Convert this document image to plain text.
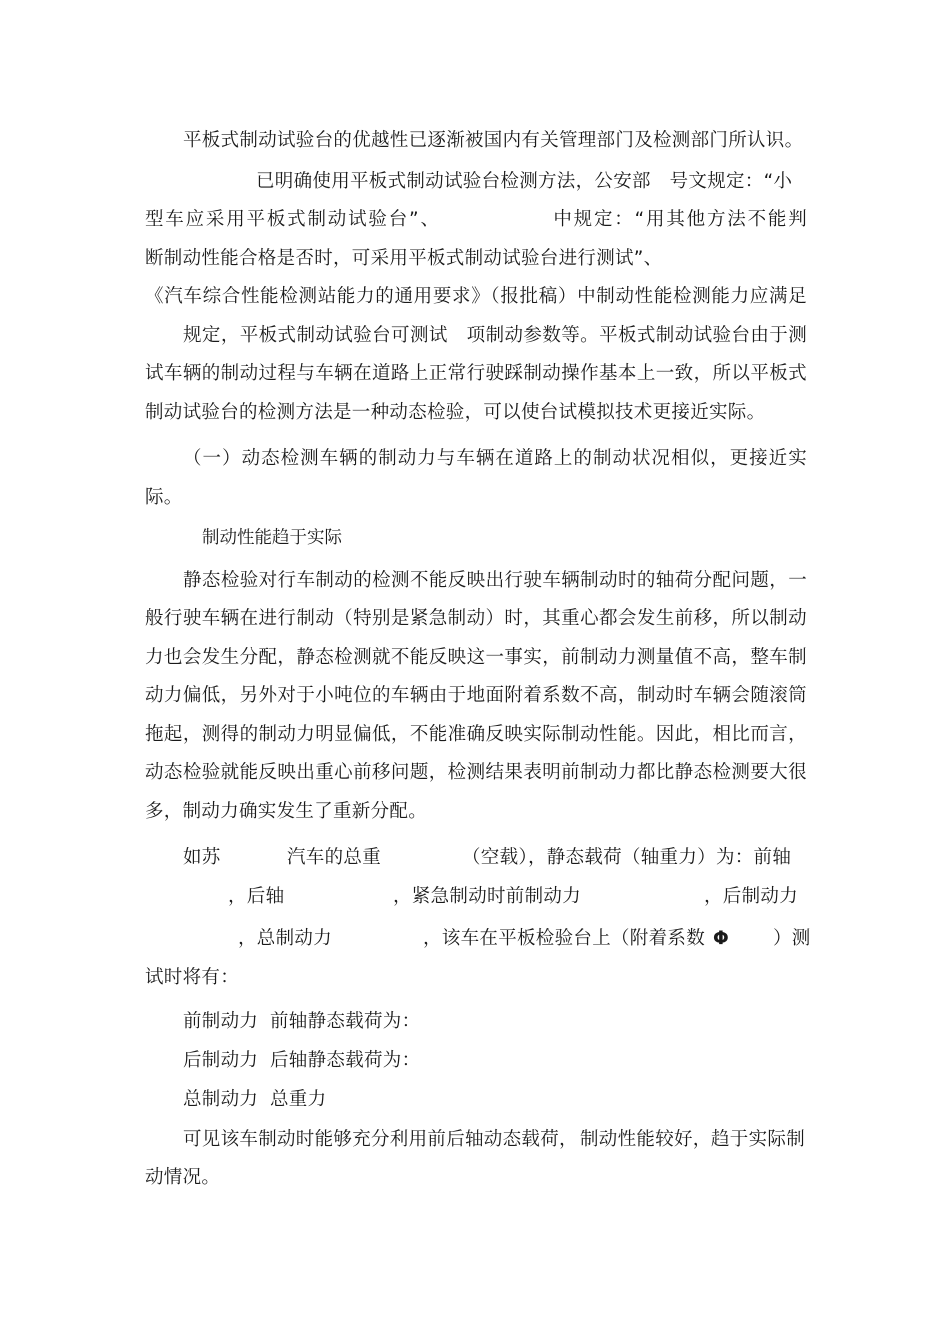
平板式制动试验台的优越性已逐渐被国内有关管理部门及检测部门所认识。
已明确使用平板式制动试验台检测方法，公安部　号文规定：“小
型车应采用平板式制动试验台”、　　　　　　中规定：“用其他方法不能判
断制动性能合格是否时，可采用平板式制动试验台进行测试”、
《汽车综合性能检测站能力的通用要求》（报批稿）中制动性能检测能力应满足
规定，平板式制动试验台可测试　项制动参数等。平板式制动试验台由于测
试车辆的制动过程与车辆在道路上正常行驶踩制动操作基本上一致，所以平板式
制动试验台的检测方法是一种动态检验，可以使台试模拟技术更接近实际。
（一）动态检测车辆的制动力与车辆在道路上的制动状况相似，更接近实
际。
制动性能趋于实际
静态检验对行车制动的检测不能反映出行驶车辆制动时的轴荷分配问题，一
般行驶车辆在进行制动（特别是紧急制动）时，其重心都会发生前移，所以制动
力也会发生分配，静态检测就不能反映这一事实，前制动力测量值不高，整车制
动力偏低，另外对于小吨位的车辆由于地面附着系数不高，制动时车辆会随滚筒
拖起，测得的制动力明显偏低，不能准确反映实际制动性能。因此，相比而言，
动态检验就能反映出重心前移问题，检测结果表明前制动力都比静态检测要大很
多，制动力确实发生了重新分配。
如苏	汽车的总重	（空载），静态载荷（轴重力）为：前轴
，后轴	，紧急制动时前制动力	，后制动力
，总制动力	，该车在平板检验台上（附着系数 Φ ）测
试时将有：
前制动力 前轴静态载荷为：
后制动力 后轴静态载荷为：
总制动力 总重力
可见该车制动时能够充分利用前后轴动态载荷， 制动性能较好， 趋于实际制
动情况。
